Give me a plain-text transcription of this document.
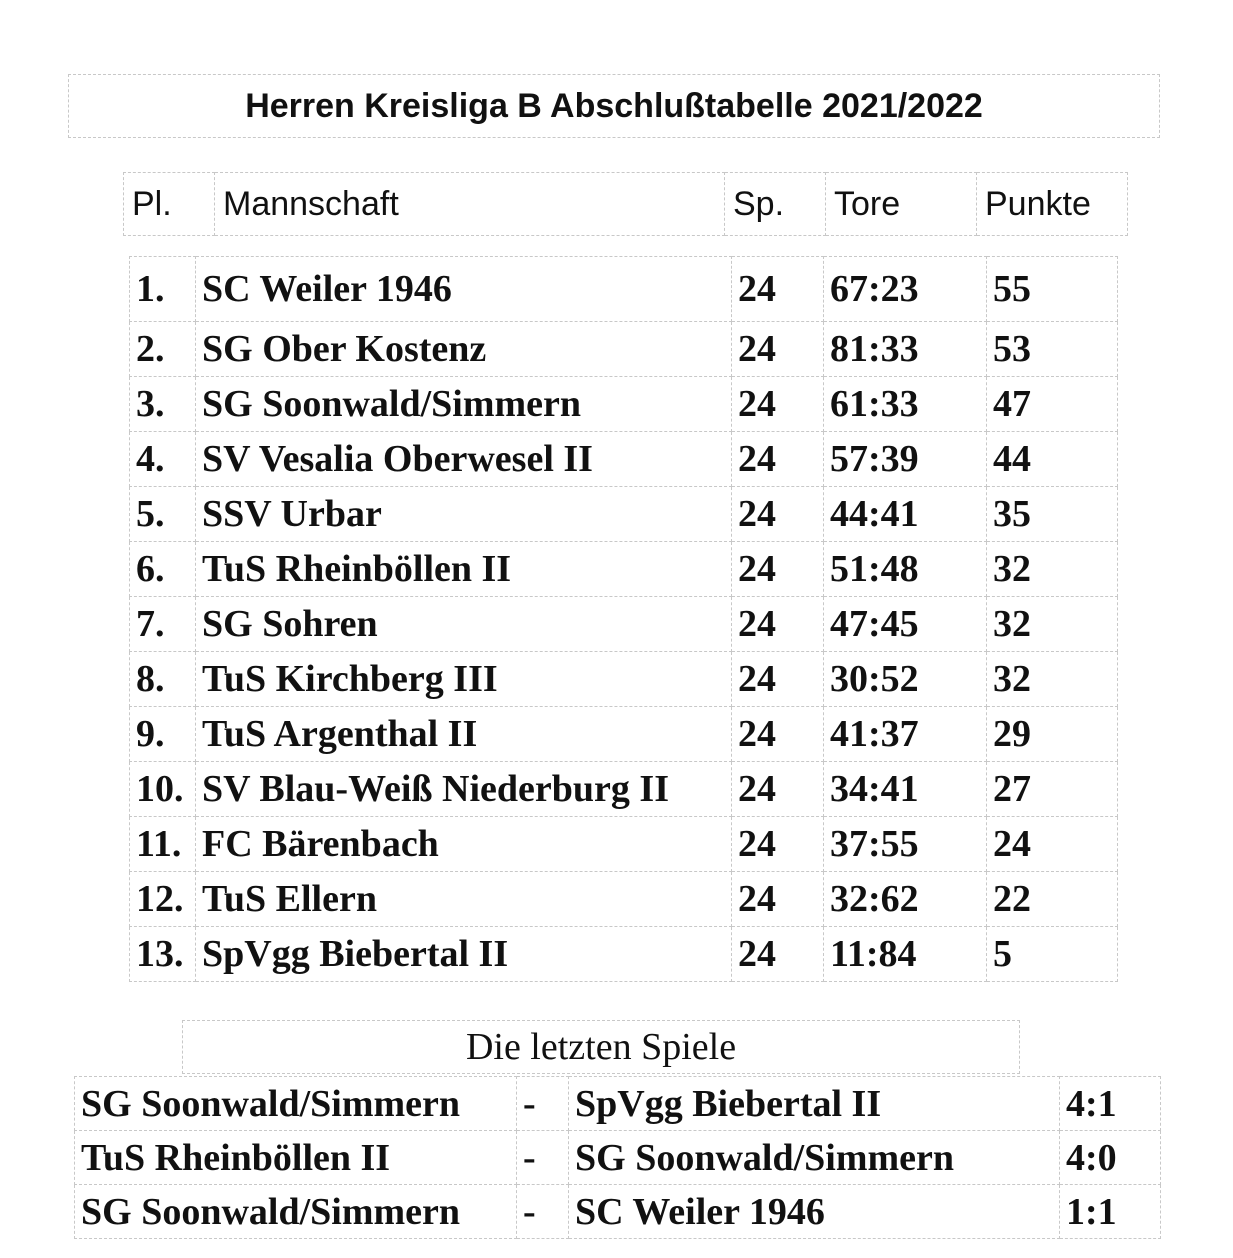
Herren Kreisliga B Abschlußtabelle 2021/2022
Pl.	Mannschaft	Sp.	Tore	Punkte
1.	SC Weiler 1946	24	67:23	55
2.	SG Ober Kostenz	24	81:33	53
3.	SG Soonwald/Simmern	24	61:33	47
4.	SV Vesalia Oberwesel II	24	57:39	44
5.	SSV Urbar	24	44:41	35
6.	TuS Rheinböllen II	24	51:48	32
7.	SG Sohren	24	47:45	32
8.	TuS Kirchberg III	24	30:52	32
9.	TuS Argenthal II	24	41:37	29
10.	SV Blau-Weiß Niederburg II	24	34:41	27
11.	FC Bärenbach	24	37:55	24
12.	TuS Ellern	24	32:62	22
13.	SpVgg Biebertal II	24	11:84	5
Die letzten Spiele
SG Soonwald/Simmern	-	SpVgg Biebertal II	4:1
TuS Rheinböllen II	-	SG Soonwald/Simmern	4:0
SG Soonwald/Simmern	-	SC Weiler 1946	1:1
